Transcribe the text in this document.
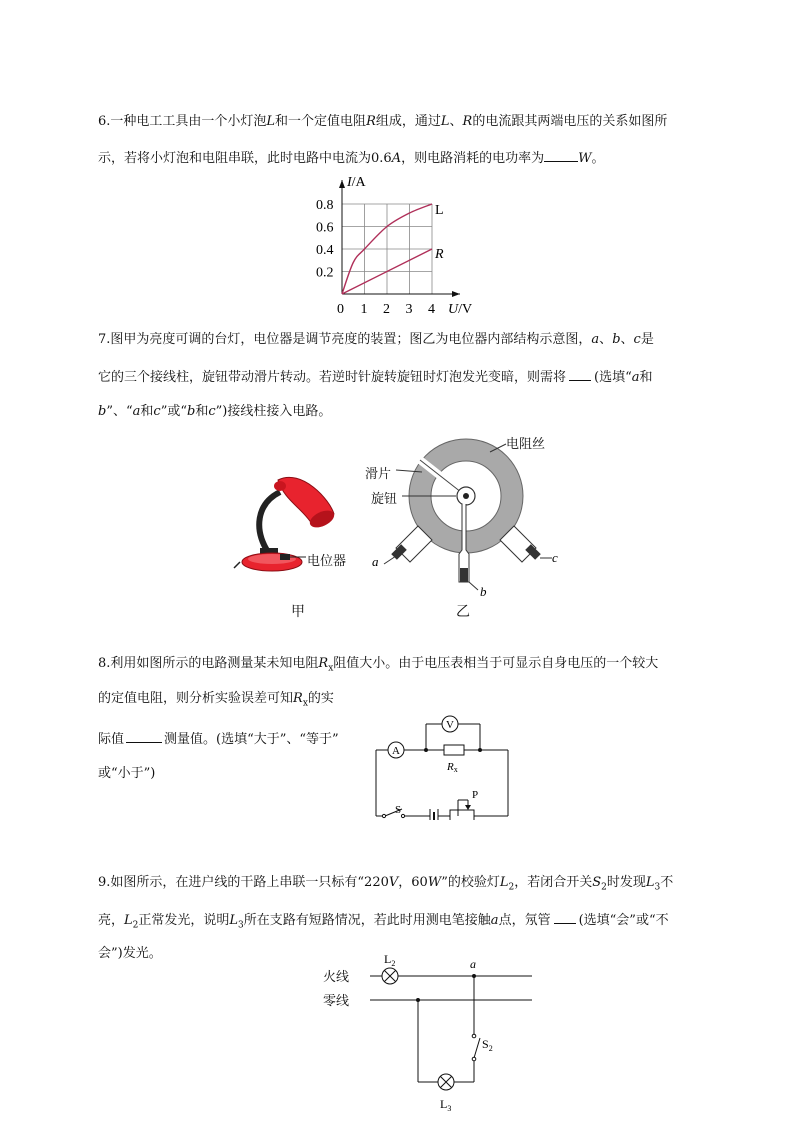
6.一种电工工具由一个小灯泡L和一个定值电阻R组成，通过L、R的电流跟其两端电压的关系如图所
示，若将小灯泡和电阻串联，此时电路中电流为0.6A，则电路消耗的电功率为	W。
1 2 3 4
0.2
0.4
0.6
0.8
I/A
U/V
0
L
R
7.图甲为亮度可调的台灯，电位器是调节亮度的装置；图乙为电位器内部结构示意图，a、b、c是
它的三个接线柱，旋钮带动滑片转动。若逆时针旋转旋钮时灯泡发光变暗，则需将 (选填“a和
b”、“a和c”或“b和c”)接线柱接入电路。
电位器
甲
a
b
c
电阻丝
滑片
旋钮
乙
8.利用如图所示的电路测量某未知电阻$R_x$阻值大小。由于电压表相当于可显示自身电压的一个较大
的定值电阻，则分析实验误差可知$R_x$的实
际值	测量值。(选填“大于”、“等于”
或“小于”)
A
V
Rx
S
P
9.如图所示，在进户线的干路上串联一只标有“220V，60W”的校验灯$L_2$，若闭合开关$S_2$时发现$L_3$不
亮，$L_2$正常发光，说明$L_3$所在支路有短路情况，若此时用测电笔接触a点，氖管 (选填“会”或“不
会”)发光。
火线
零线
$L_2$
$L_3$
$S_2$
a
